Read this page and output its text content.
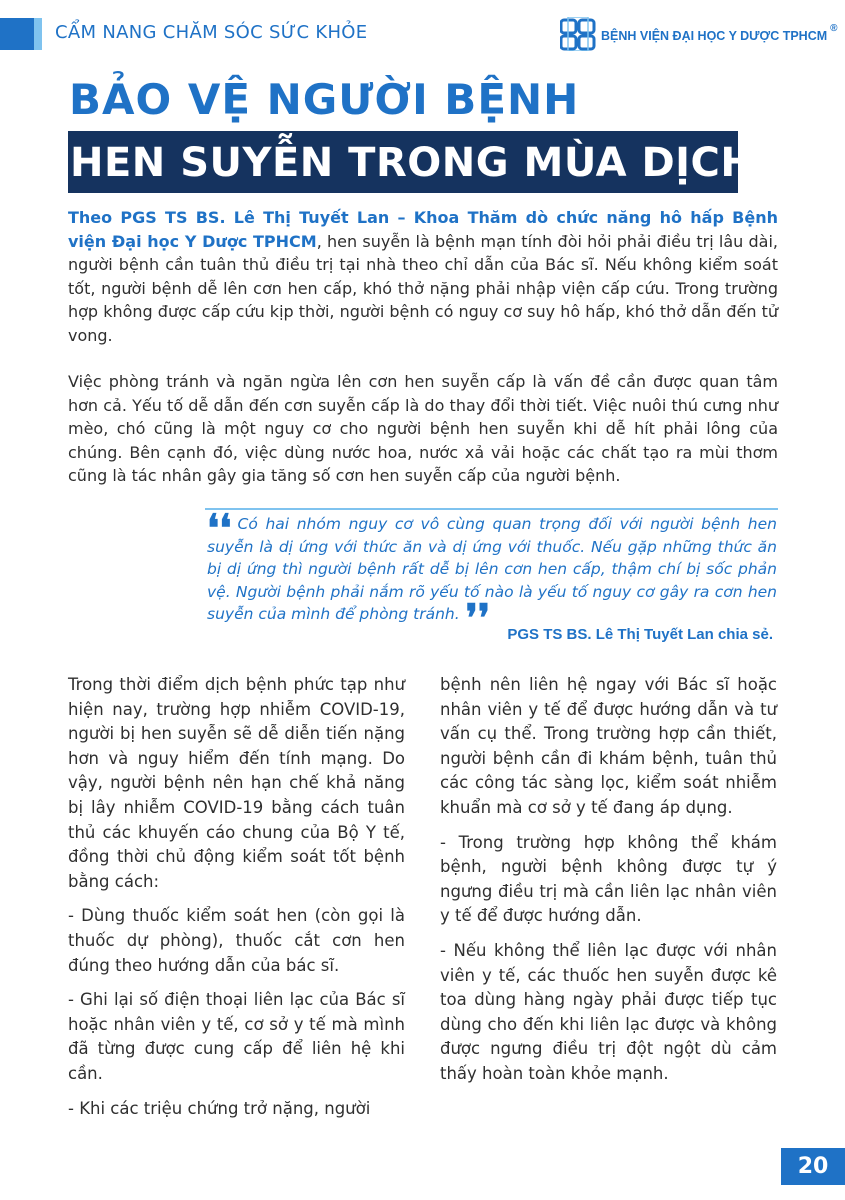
CẨM NANG CHĂM SÓC SỨC KHỎE	BỆNH VIỆN ĐẠI HỌC Y DƯỢC TPHCM®
BẢO VỆ NGƯỜI BỆNH
HEN SUYỄN TRONG MÙA DỊCH
Theo PGS TS BS. Lê Thị Tuyết Lan – Khoa Thăm dò chức năng hô hấp Bệnh viện Đại học Y Dược TPHCM, hen suyễn là bệnh mạn tính đòi hỏi phải điều trị lâu dài, người bệnh cần tuân thủ điều trị tại nhà theo chỉ dẫn của Bác sĩ. Nếu không kiểm soát tốt, người bệnh dễ lên cơn hen cấp, khó thở nặng phải nhập viện cấp cứu. Trong trường hợp không được cấp cứu kịp thời, người bệnh có nguy cơ suy hô hấp, khó thở dẫn đến tử vong.
Việc phòng tránh và ngăn ngừa lên cơn hen suyễn cấp là vấn đề cần được quan tâm hơn cả. Yếu tố dễ dẫn đến cơn suyễn cấp là do thay đổi thời tiết. Việc nuôi thú cưng như mèo, chó cũng là một nguy cơ cho người bệnh hen suyễn khi dễ hít phải lông của chúng. Bên cạnh đó, việc dùng nước hoa, nước xả vải hoặc các chất tạo ra mùi thơm cũng là tác nhân gây gia tăng số cơn hen suyễn cấp của người bệnh.
❛❛ Có hai nhóm nguy cơ vô cùng quan trọng đối với người bệnh hen suyễn là dị ứng với thức ăn và dị ứng với thuốc. Nếu gặp những thức ăn bị dị ứng thì người bệnh rất dễ bị lên cơn hen cấp, thậm chí bị sốc phản vệ. Người bệnh phải nắm rõ yếu tố nào là yếu tố nguy cơ gây ra cơn hen suyễn của mình để phòng tránh. ❜❜	PGS TS BS. Lê Thị Tuyết Lan chia sẻ.

Trong thời điểm dịch bệnh phức tạp như hiện nay, trường hợp nhiễm COVID-19, người bị hen suyễn sẽ dễ diễn tiến nặng hơn và nguy hiểm đến tính mạng. Do vậy, người bệnh nên hạn chế khả năng bị lây nhiễm COVID-19 bằng cách tuân thủ các khuyến cáo chung của Bộ Y tế, đồng thời chủ động kiểm soát tốt bệnh bằng cách:

- Dùng thuốc kiểm soát hen (còn gọi là thuốc dự phòng), thuốc cắt cơn hen đúng theo hướng dẫn của bác sĩ.

- Ghi lại số điện thoại liên lạc của Bác sĩ hoặc nhân viên y tế, cơ sở y tế mà mình đã từng được cung cấp để liên hệ khi cần.

- Khi các triệu chứng trở nặng, người

bệnh nên liên hệ ngay với Bác sĩ hoặc nhân viên y tế để được hướng dẫn và tư vấn cụ thể. Trong trường hợp cần thiết, người bệnh cần đi khám bệnh, tuân thủ các công tác sàng lọc, kiểm soát nhiễm khuẩn mà cơ sở y tế đang áp dụng.

- Trong trường hợp không thể khám bệnh, người bệnh không được tự ý ngưng điều trị mà cần liên lạc nhân viên y tế để được hướng dẫn.

- Nếu không thể liên lạc được với nhân viên y tế, các thuốc hen suyễn được kê toa dùng hàng ngày phải được tiếp tục dùng cho đến khi liên lạc được và không được ngưng điều trị đột ngột dù cảm thấy hoàn toàn khỏe mạnh.

20
